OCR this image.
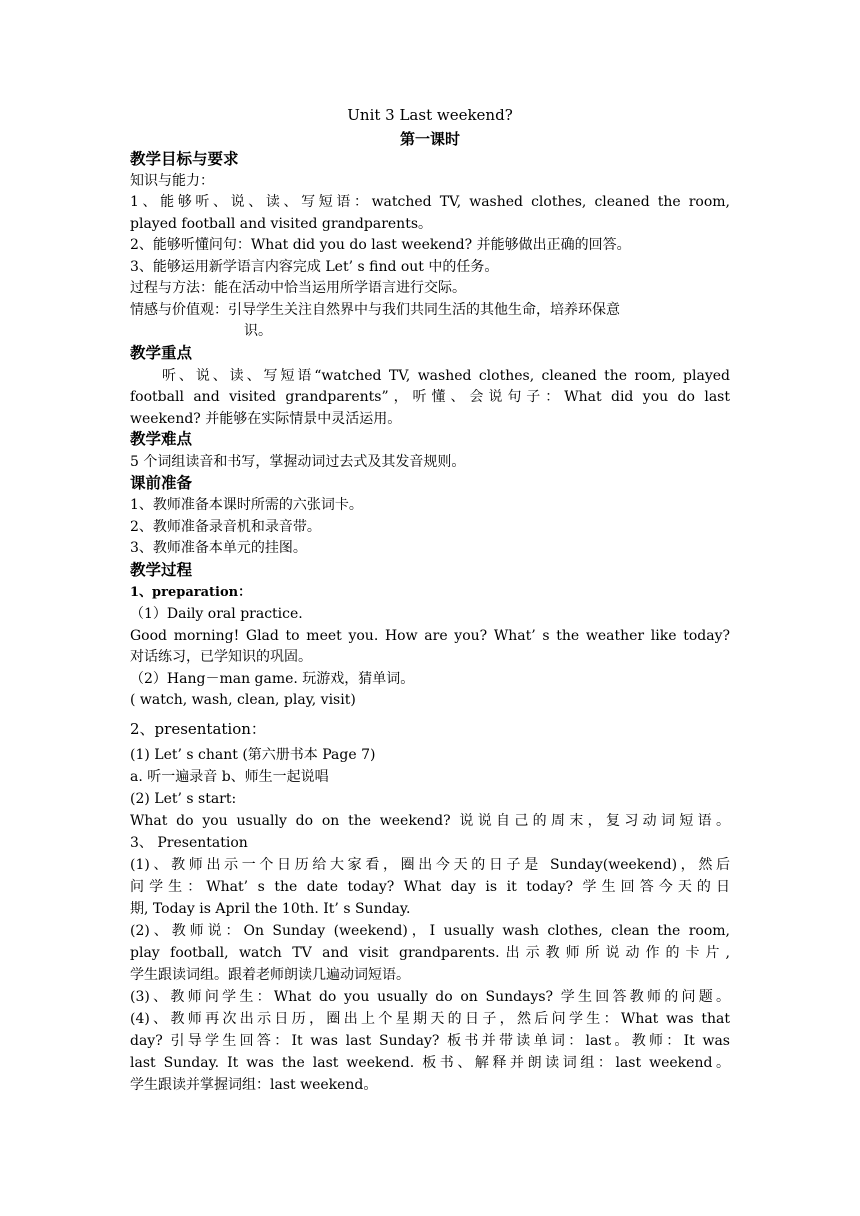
Unit 3 Last weekend?
第一课时
教学目标与要求
知识与能力：
1、能够听、说、读、写短语：watched TV, washed clothes, cleaned the room,
played football and visited grandparents。
2、能够听懂问句：What did you do last weekend? 并能够做出正确的回答。
3、能够运用新学语言内容完成 Let’ s find out 中的任务。
过程与方法：能在活动中恰当运用所学语言进行交际。
情感与价值观：引导学生关注自然界中与我们共同生活的其他生命，培养环保意
识。
教学重点
听、说、读、写短语“watched TV, washed clothes, cleaned the room, played
football and visited grandparents”，听懂、会说句子：What did you do last
weekend? 并能够在实际情景中灵活运用。
教学难点
5 个词组读音和书写，掌握动词过去式及其发音规则。
课前准备
1、教师准备本课时所需的六张词卡。
2、教师准备录音机和录音带。
3、教师准备本单元的挂图。
教学过程
1、preparation：
（1）Daily oral practice.
Good morning! Glad to meet you. How are you? What’ s the weather like today?
对话练习，已学知识的巩固。
（2）Hang－man game. 玩游戏，猜单词。
( watch, wash, clean, play, visit)
2、presentation：
(1) Let’ s chant (第六册书本 Page 7)
a. 听一遍录音 b、师生一起说唱
(2) Let’ s start:
What do you usually do on the weekend? 说说自己的周末，复习动词短语。
3、 Presentation
(1)、教师出示一个日历给大家看，圈出今天的日子是 Sunday(weekend)，然后
问学生：What’ s the date today? What day is it today? 学生回答今天的日
期, Today is April the 10th. It’ s Sunday.
(2)、教师说：On Sunday (weekend)，I usually wash clothes, clean the room,
play football, watch TV and visit grandparents.出示教师所说动作的卡片,
学生跟读词组。跟着老师朗读几遍动词短语。
(3)、教师问学生：What do you usually do on Sundays? 学生回答教师的问题。
(4)、教师再次出示日历，圈出上个星期天的日子，然后问学生：What was that
day? 引导学生回答：It was last Sunday? 板书并带读单词：last。教师：It was
last Sunday. It was the last weekend. 板书、解释并朗读词组：last weekend。
学生跟读并掌握词组：last weekend。
